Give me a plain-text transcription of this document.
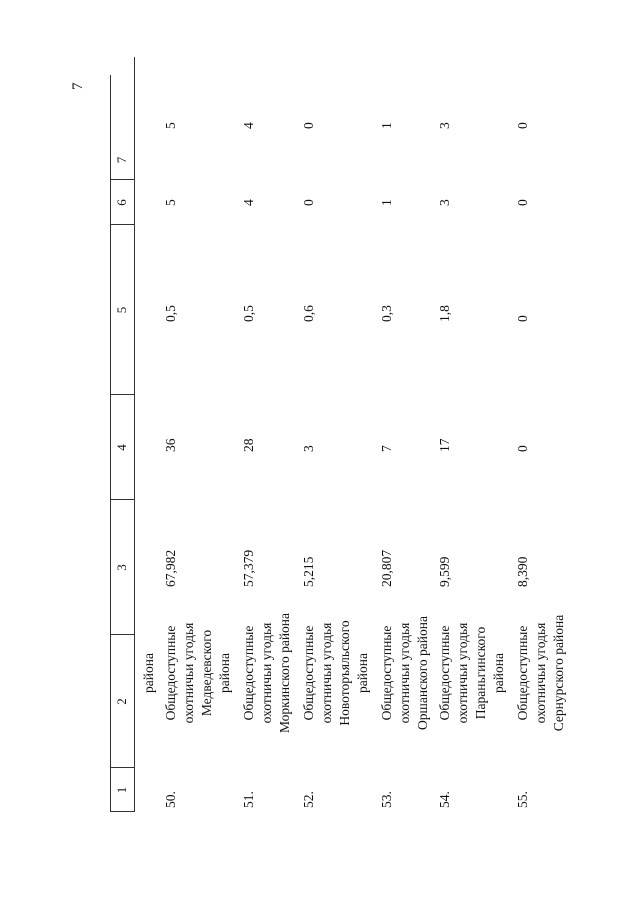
7
1
2
3
4
5
6
7
района
50.
Общедоступные охотничьи угодья Медведевского района
67,982
36
0,5
5
5
51.
Общедоступные охотничьи угодья Моркинского района
57,379
28
0,5
4
4
52.
Общедоступные охотничьи угодья Новоторъяльского района
5,215
3
0,6
0
0
53.
Общедоступные охотничьи угодья Оршанского района
20,807
7
0,3
1
1
54.
Общедоступные охотничьи угодья Параньгинского района
9,599
17
1,8
3
3
55.
Общедоступные охотничьи угодья Сернурского района
8,390
0
0
0
0
